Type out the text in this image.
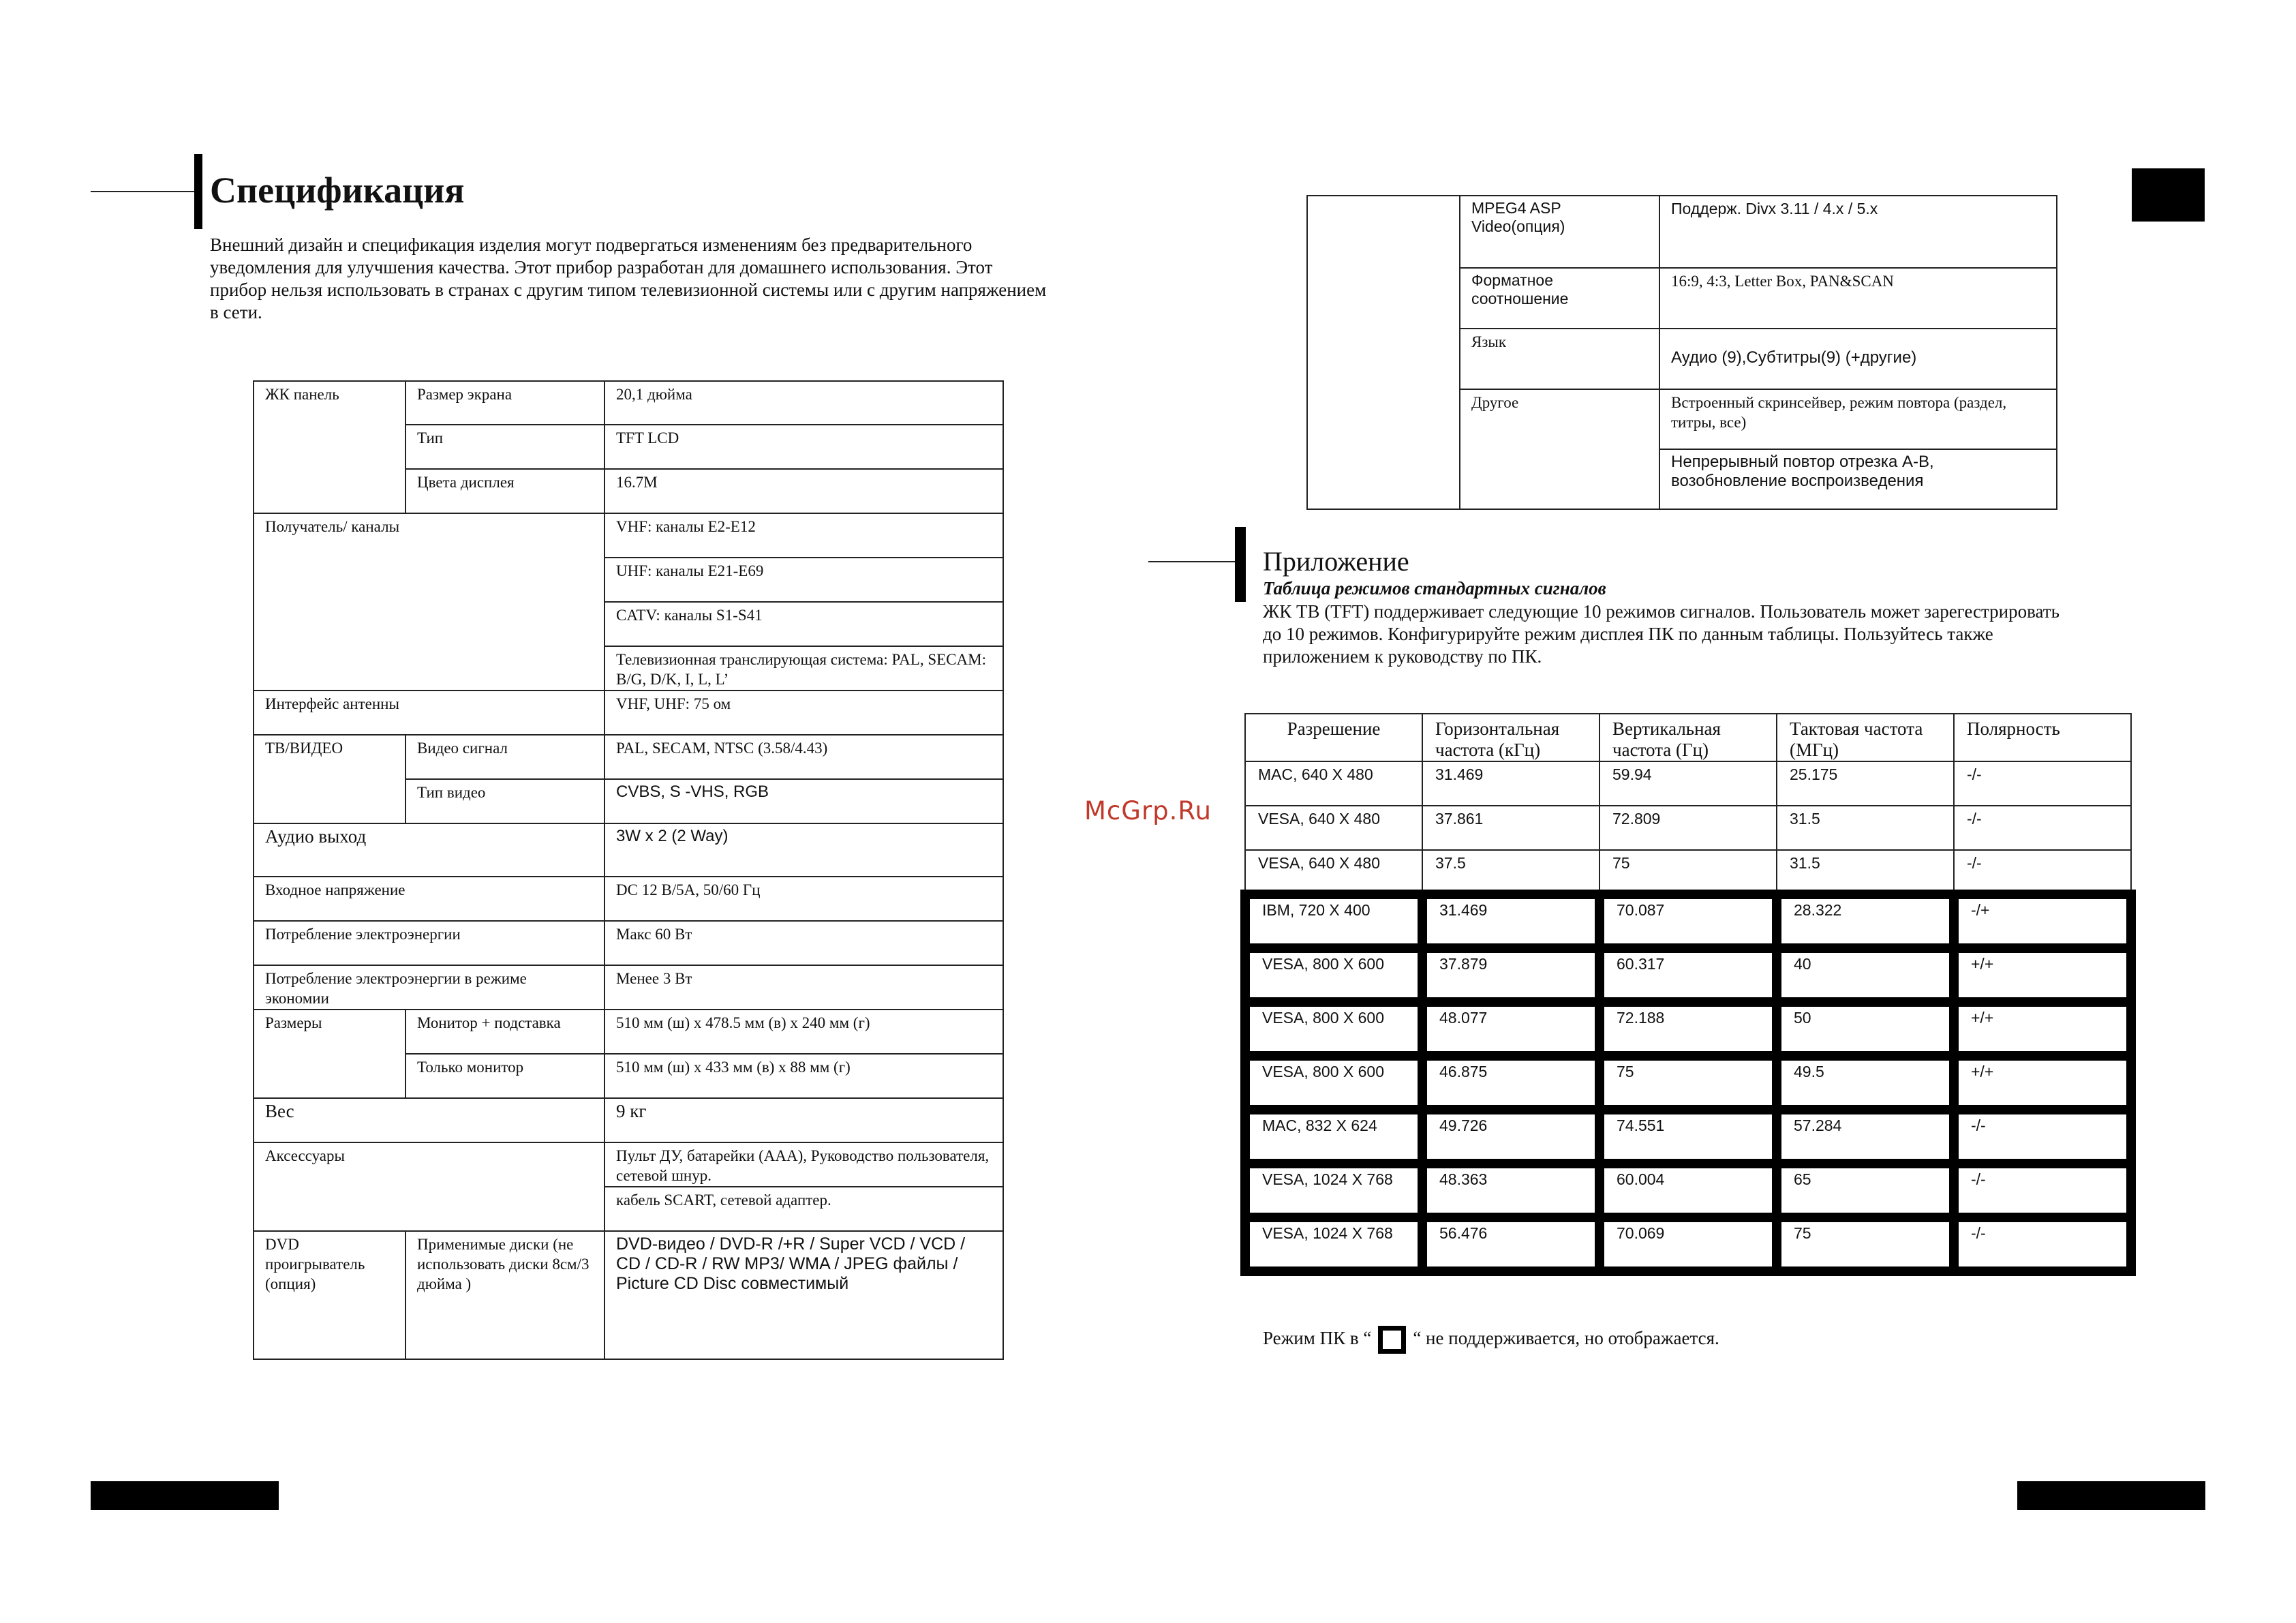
Спецификация
Внешний дизайн и спецификация изделия могут подвергаться изменениям без предварительного уведомления для улучшения качества. Этот прибор разработан для домашнего использования. Этот прибор нельзя использовать в странах с другим типом телевизионной системы или с другим напряжением в сети.
ЖК панель	Размер экрана	20,1 дюйма
	Тип	TFT LCD
	Цвета дисплея	16.7M
Получатель/ каналы		VHF: каналы E2-E12
		UHF: каналы E21-E69
		CATV: каналы S1-S41
		Телевизионная транслирующая система: PAL, SECAM: B/G, D/K, I, L, L’
Интерфейс антенны		VHF, UHF: 75 ом
ТВ/ВИДЕО	Видео сигнал	PAL, SECAM, NTSC (3.58/4.43)
	Тип видео	CVBS, S -VHS, RGB
Аудио выход		3W x 2 (2 Way)
Входное напряжение		DC 12 В/5А, 50/60 Гц
Потребление электроэнергии		Макс 60 Вт
Потребление электроэнергии в режиме экономии		Менее 3 Вт
Размеры	Монитор + подставка	510 мм (ш) x 478.5 мм (в) x 240 мм (г)
	Только монитор	510 мм (ш) x 433 мм (в) x 88 мм (г)
Вес		9 кг
Аксессуары		Пульт ДУ, батарейки (ААА), Руководство пользователя, сетевой шнур.
		кабель SCART, сетевой адаптер.
DVD проигрыватель (опция)	Применимые диски (не использовать диски 8см/3 дюйма )	DVD-видео / DVD-R /+R / Super VCD / VCD / CD / CD-R / RW MP3/ WMA / JPEG файлы / Picture CD Disc совместимый
McGrp.Ru
	MPEG4 ASP Video(опция)	Поддерж. Divx 3.11 / 4.x / 5.x
	Форматное соотношение	16:9, 4:3, Letter Box, PAN&SCAN
	Язык	Аудио (9),Субтитры(9) (+другие)
	Другое	Встроенный скринсейвер, режим повтора (раздел, титры, все)
		Непрерывный повтор отрезка A-B, возобновление воспроизведения
Приложение
Таблица режимов стандартных сигналов
ЖК ТВ (TFT) поддерживает следующие 10 режимов сигналов. Пользователь может зарегестрировать до 10 режимов. Конфигурируйте режим дисплея ПК по данным таблицы. Пользуйтесь также приложением к руководству по ПК.
Разрешение	Горизонтальная частота (кГц)	Вертикальная частота (Гц)	Тактовая частота (МГц)	Полярность
MAC, 640 X 480	31.469	59.94	25.175	-/-
VESA, 640 X 480	37.861	72.809	31.5	-/-
VESA, 640 X 480	37.5	75	31.5	-/-
IBM, 720 X 400	31.469	70.087	28.322	-/+
VESA, 800 X 600	37.879	60.317	40	+/+
VESA, 800 X 600	48.077	72.188	50	+/+
VESA, 800 X 600	46.875	75	49.5	+/+
MAC, 832 X 624	49.726	74.551	57.284	-/-
VESA, 1024 X 768	48.363	60.004	65	-/-
VESA, 1024 X 768	56.476	70.069	75	-/-
Режим ПК в “ “ не поддерживается, но отображается.
